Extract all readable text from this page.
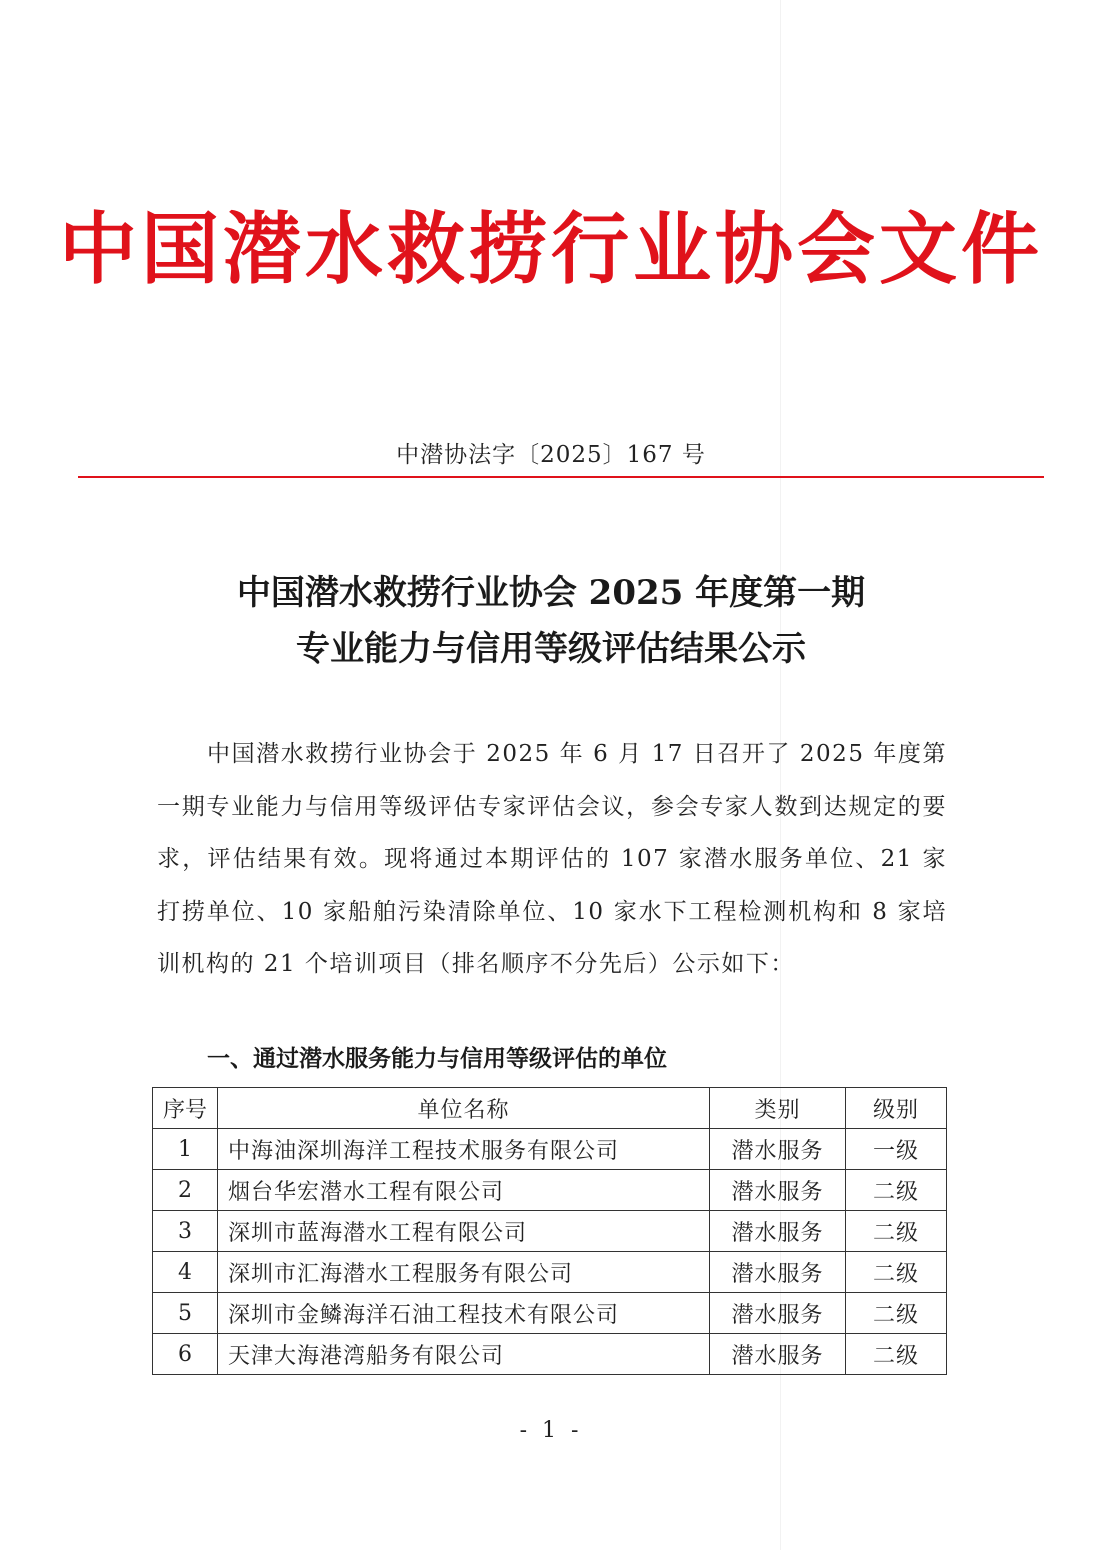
中国潜水救捞行业协会文件
中潜协法字〔2025〕167 号
中国潜水救捞行业协会 2025 年度第一期
专业能力与信用等级评估结果公示
中国潜水救捞行业协会于 2025 年 6 月 17 日召开了 2025 年度第一期专业能力与信用等级评估专家评估会议，参会专家人数到达规定的要求，评估结果有效。现将通过本期评估的 107 家潜水服务单位、21 家打捞单位、10 家船舶污染清除单位、10 家水下工程检测机构和 8 家培训机构的 21 个培训项目（排名顺序不分先后）公示如下：
一、通过潜水服务能力与信用等级评估的单位
序号	单位名称	类别	级别
1	中海油深圳海洋工程技术服务有限公司	潜水服务	一级
2	烟台华宏潜水工程有限公司	潜水服务	二级
3	深圳市蓝海潜水工程有限公司	潜水服务	二级
4	深圳市汇海潜水工程服务有限公司	潜水服务	二级
5	深圳市金鳞海洋石油工程技术有限公司	潜水服务	二级
6	天津大海港湾船务有限公司	潜水服务	二级
- 1 -
